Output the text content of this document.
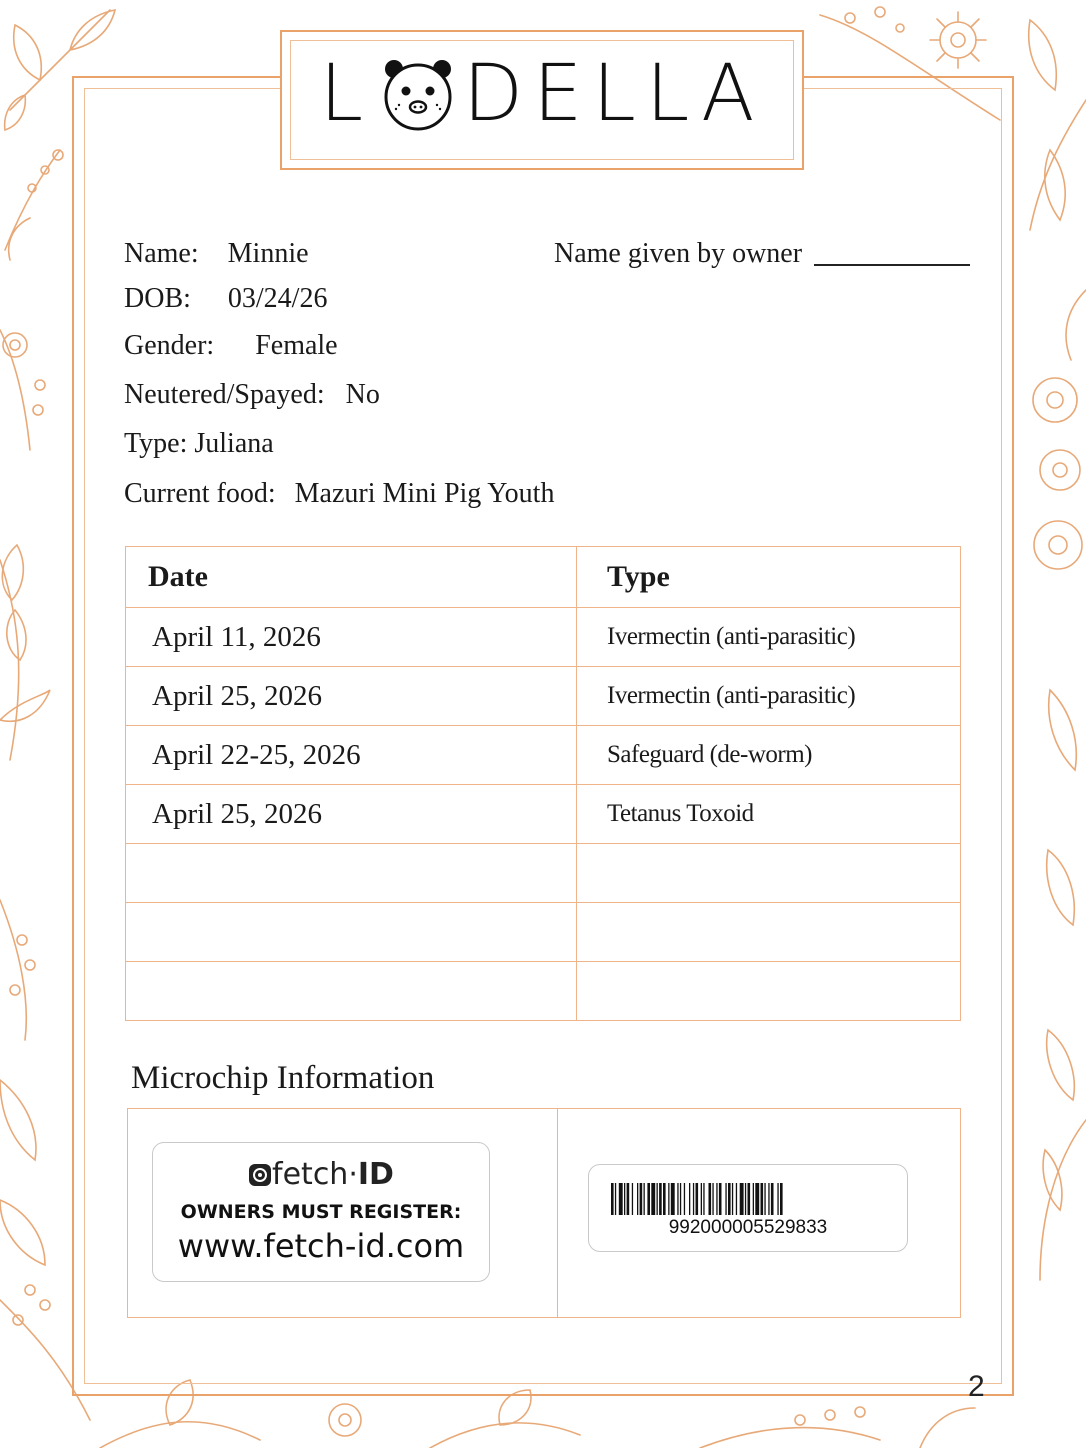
L DELLA
Name: Minnie	Name given by owner
DOB: 03/24/26
Gender: Female
Neutered/Spayed: No
Type: Juliana
Current food: Mazuri Mini Pig Youth
Date	Type
April 11, 2026	Ivermectin (anti-parasitic)
April 25, 2026	Ivermectin (anti-parasitic)
April 22-25, 2026	Safeguard (de-worm)
April 25, 2026	Tetanus Toxoid

Microchip Information
fetch·ID
OWNERS MUST REGISTER:
www.fetch-id.com	992000005529833
2
